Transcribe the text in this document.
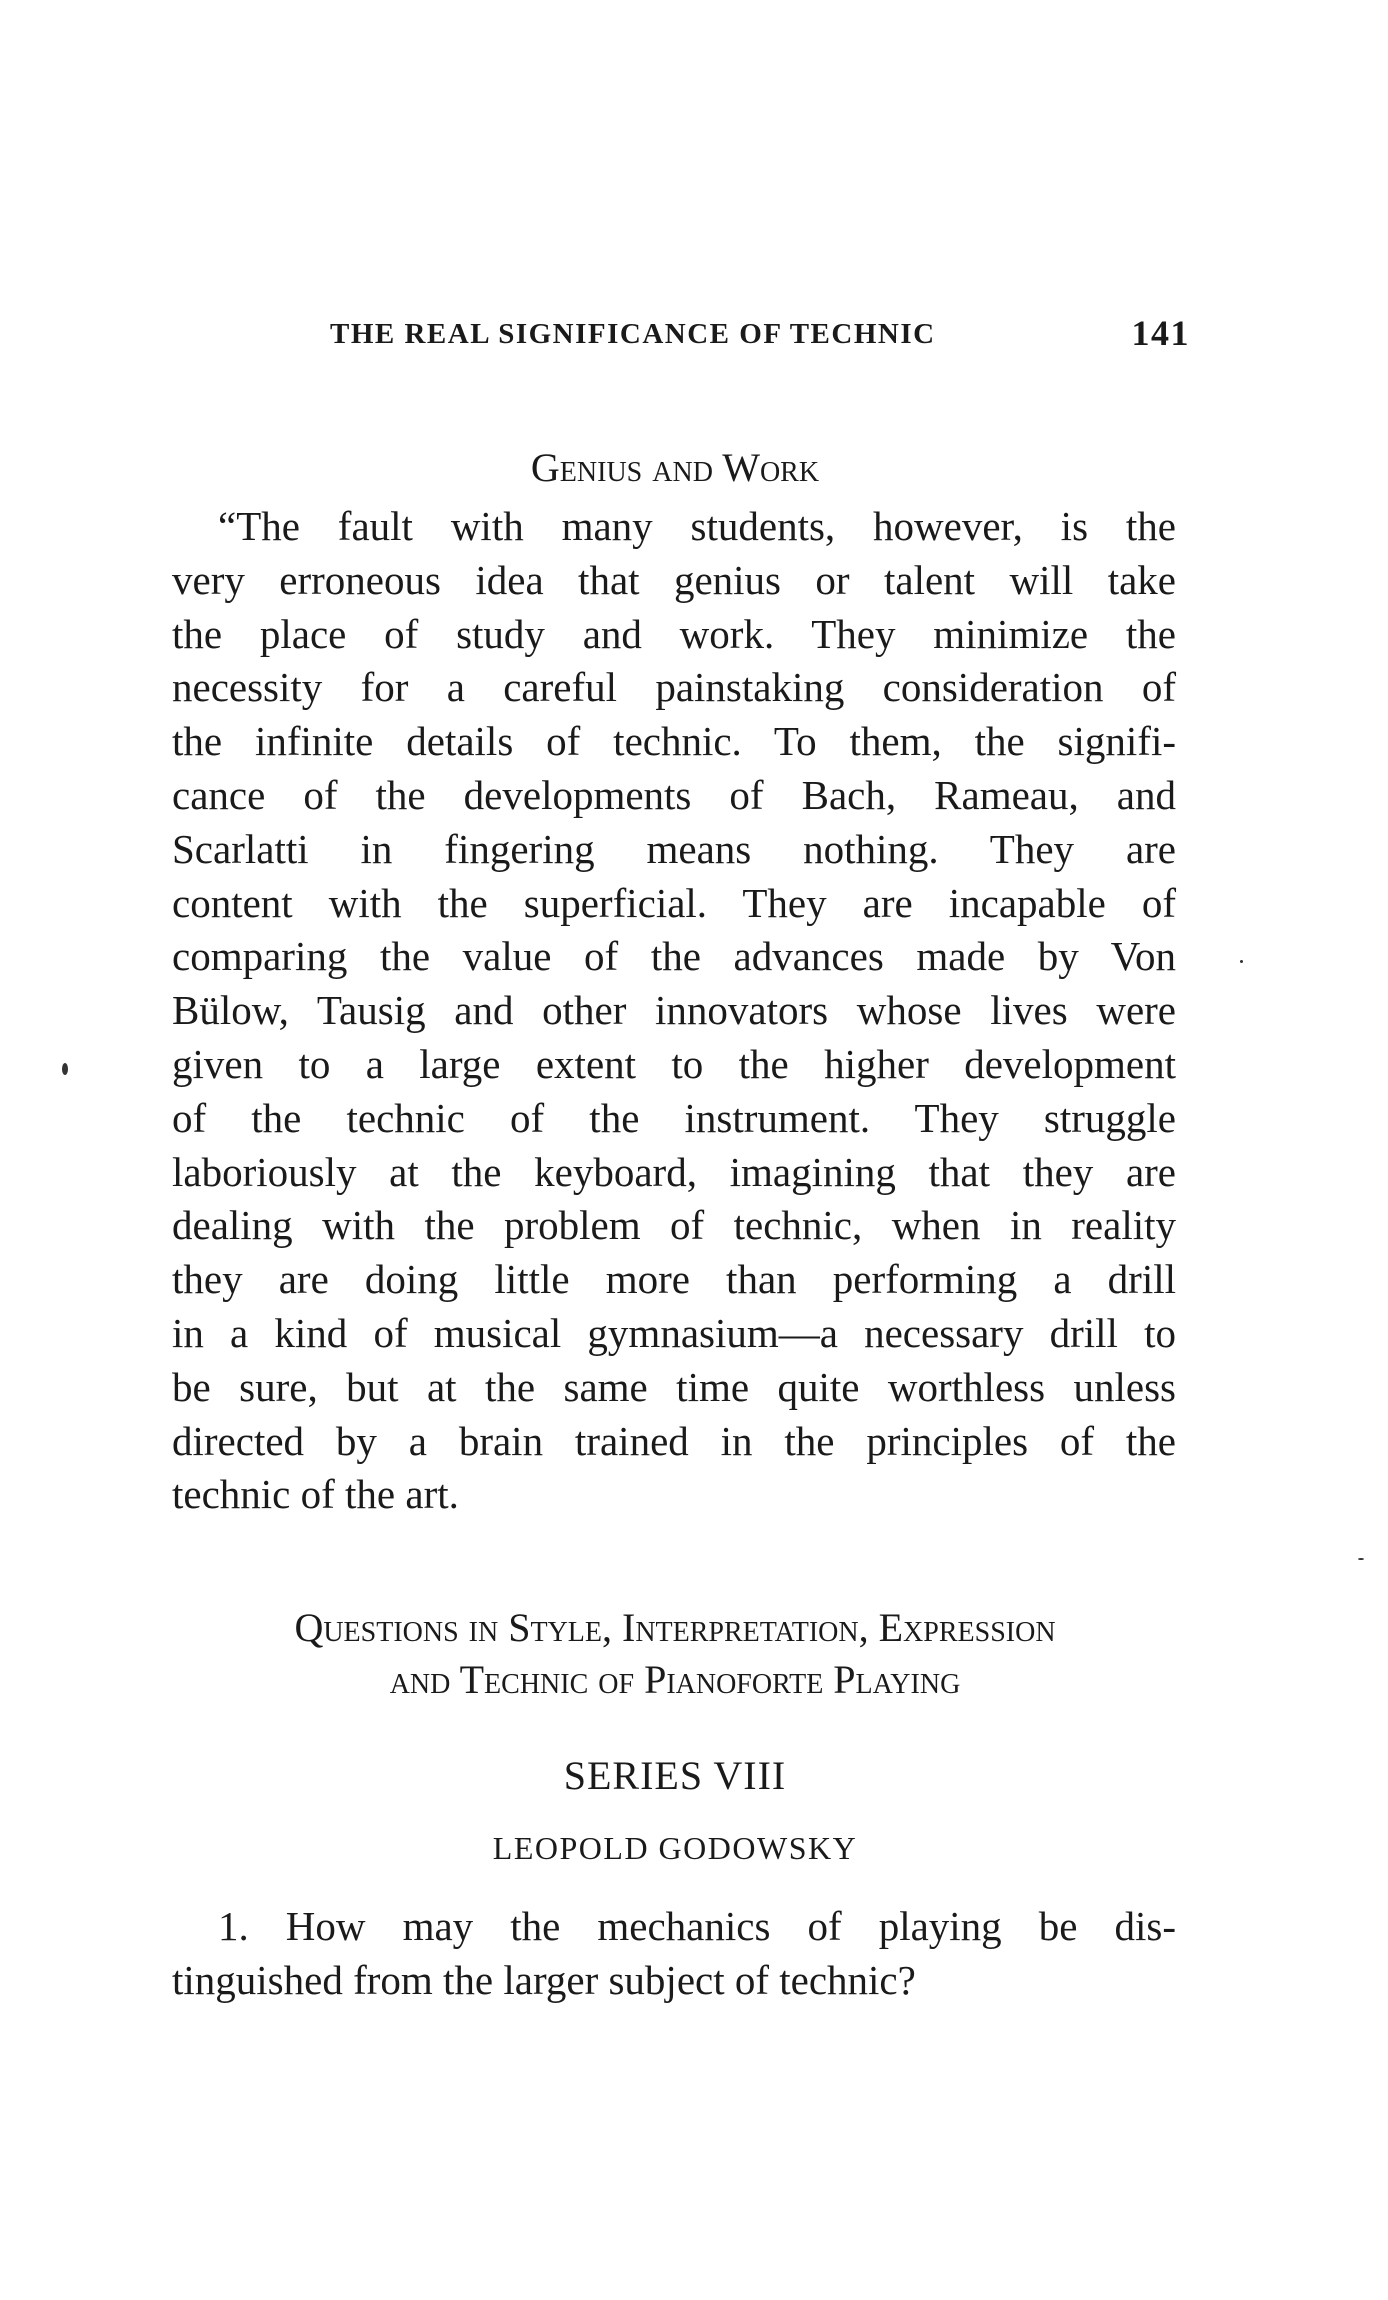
THE REAL SIGNIFICANCE OF TECHNIC	141
Genius and Work
“The fault with many students, however, is the
very erroneous idea that genius or talent will take
the place of study and work. They minimize the
necessity for a careful painstaking consideration of
the infinite details of technic. To them, the signifi-
cance of the developments of Bach, Rameau, and
Scarlatti in fingering means nothing. They are
content with the superficial. They are incapable of
comparing the value of the advances made by Von
Bülow, Tausig and other innovators whose lives were
given to a large extent to the higher development
of the technic of the instrument. They struggle
laboriously at the keyboard, imagining that they are
dealing with the problem of technic, when in reality
they are doing little more than performing a drill
in a kind of musical gymnasium—a necessary drill to
be sure, but at the same time quite worthless unless
directed by a brain trained in the principles of the
technic of the art.
Questions in Style, Interpretation, Expression
and Technic of Pianoforte Playing
SERIES VIII
LEOPOLD GODOWSKY
1. How may the mechanics of playing be dis-
tinguished from the larger subject of technic?
